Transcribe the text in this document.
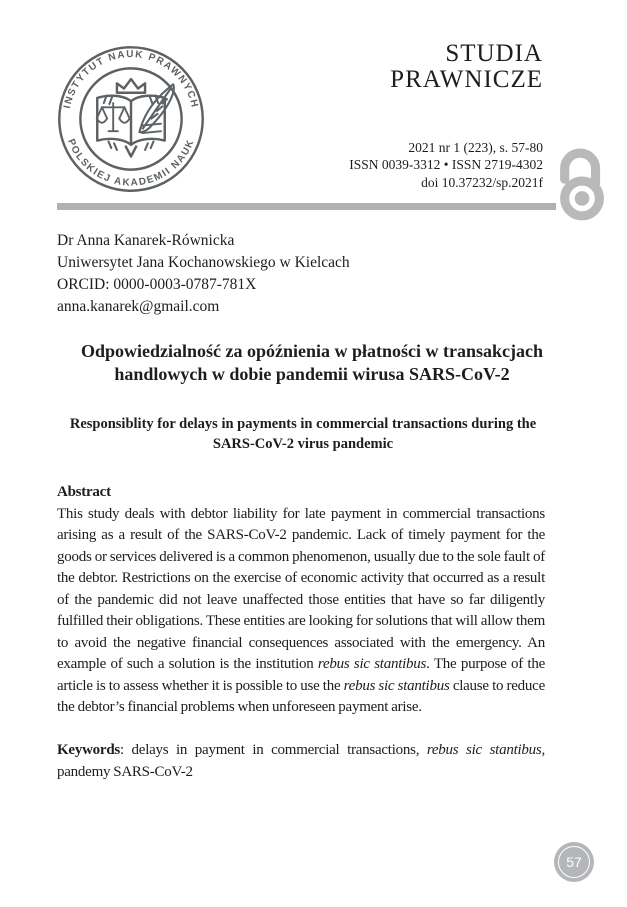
INSTYTUT NAUK PRAWNYCH
POLSKIEJ AKADEMII NAUK
STUDIA
PRAWNICZE
2021 nr 1 (223), s. 57-80
ISSN 0039-3312 • ISSN 2719-4302
doi 10.37232/sp.2021f
Dr Anna Kanarek-Równicka
Uniwersytet Jana Kochanowskiego w Kielcach
ORCID: 0000-0003-0787-781X
anna.kanarek@gmail.com
Odpowiedzialność za opóźnienia w płatności w transakcjach handlowych w dobie pandemii wirusa SARS-CoV-2
Responsiblity for delays in payments in commercial transactions during the SARS-CoV-2 virus pandemic
Abstract

This study deals with debtor liability for late payment in commercial transactions arising as a result of the SARS-CoV-2 pandemic. Lack of timely payment for the goods or services delivered is a common phenomenon, usually due to the sole fault of the debtor. Restrictions on the exercise of economic activity that occurred as a result of the pandemic did not leave unaffected those entities that have so far diligently fulfilled their obligations. These entities are looking for solutions that will allow them to avoid the negative financial consequences associated with the emergency. An example of such a solution is the institution rebus sic stantibus. The purpose of the article is to assess whether it is possible to use the rebus sic stantibus clause to reduce the debtor’s financial problems when unforeseen payment arise.

Keywords: delays in payment in commercial transactions, rebus sic stantibus, pandemy SARS-CoV-2

57
